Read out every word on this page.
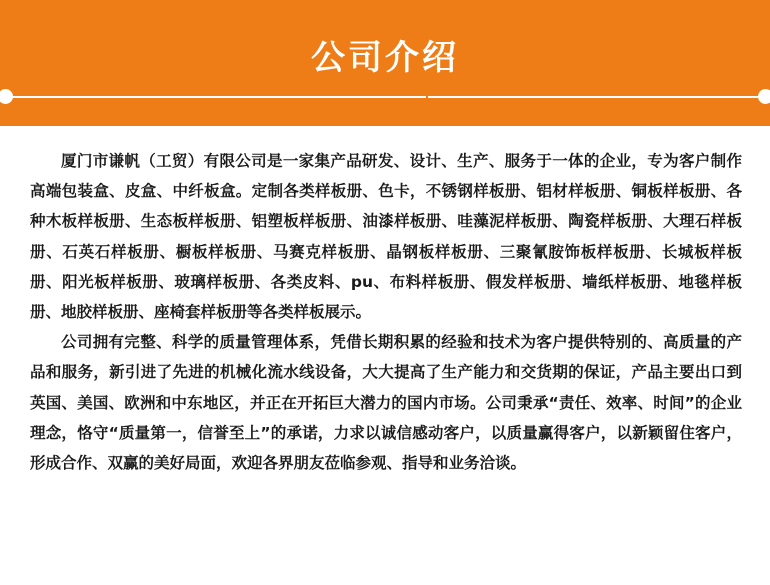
公司介绍

厦门市谦帆（工贸）有限公司是一家集产品研发、设计、生产、服务于一体的企业，专为客户制作高端包装盒、皮盒、中纤板盒。定制各类样板册、色卡，不锈钢样板册、铝材样板册、铜板样板册、各种木板样板册、生态板样板册、铝塑板样板册、油漆样板册、哇藻泥样板册、陶瓷样板册、大理石样板册、石英石样板册、橱板样板册、马赛克样板册、晶钢板样板册、三聚氰胺饰板样板册、长城板样板册、阳光板样板册、玻璃样板册、各类皮料、pu、布料样板册、假发样板册、墙纸样板册、地毯样板册、地胶样板册、座椅套样板册等各类样板展示。

公司拥有完整、科学的质量管理体系，凭借长期积累的经验和技术为客户提供特别的、高质量的产品和服务，新引进了先进的机械化流水线设备，大大提高了生产能力和交货期的保证，产品主要出口到英国、美国、欧洲和中东地区，并正在开拓巨大潜力的国内市场。公司秉承“责任、效率、时间”的企业理念，恪守“质量第一，信誉至上”的承诺，力求以诚信感动客户，以质量赢得客户，以新颖留住客户，形成合作、双赢的美好局面，欢迎各界朋友莅临参观、指导和业务洽谈。
